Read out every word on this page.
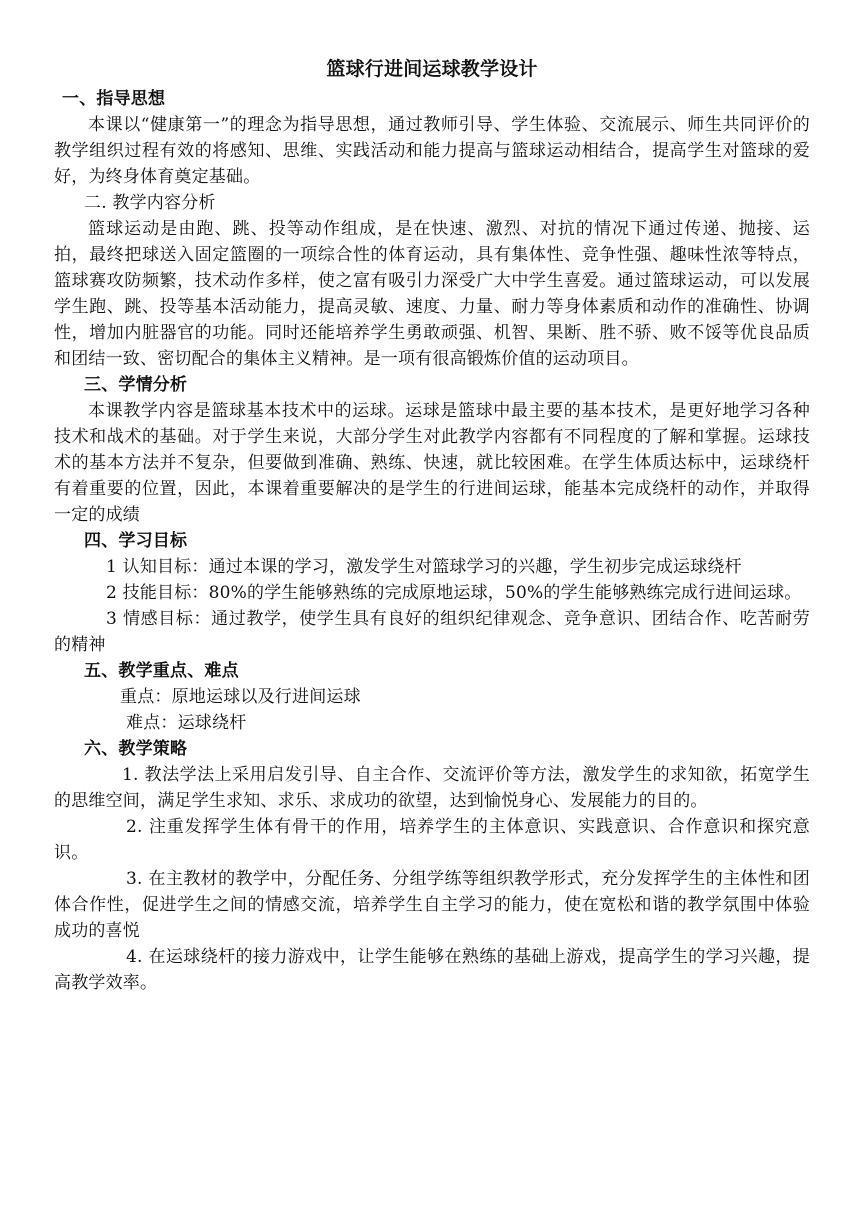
篮球行进间运球教学设计
一、指导思想

本课以“健康第一”的理念为指导思想，通过教师引导、学生体验、交流展示、师生共同评价的教学组织过程有效的将感知、思维、实践活动和能力提高与篮球运动相结合，提高学生对篮球的爱好，为终身体育奠定基础。

二. 教学内容分析

篮球运动是由跑、跳、投等动作组成，是在快速、激烈、对抗的情况下通过传递、抛接、运拍，最终把球送入固定篮圈的一项综合性的体育运动，具有集体性、竞争性强、趣味性浓等特点，篮球赛攻防频繁，技术动作多样，使之富有吸引力深受广大中学生喜爱。通过篮球运动，可以发展学生跑、跳、投等基本活动能力，提高灵敏、速度、力量、耐力等身体素质和动作的准确性、协调性，增加内脏器官的功能。同时还能培养学生勇敢顽强、机智、果断、胜不骄、败不馁等优良品质和团结一致、密切配合的集体主义精神。是一项有很高锻炼价值的运动项目。

三、学情分析

本课教学内容是篮球基本技术中的运球。运球是篮球中最主要的基本技术，是更好地学习各种技术和战术的基础。对于学生来说，大部分学生对此教学内容都有不同程度的了解和掌握。运球技术的基本方法并不复杂，但要做到准确、熟练、快速，就比较困难。在学生体质达标中，运球绕杆有着重要的位置，因此，本课着重要解决的是学生的行进间运球，能基本完成绕杆的动作，并取得一定的成绩

四、学习目标

1 认知目标：通过本课的学习，激发学生对篮球学习的兴趣，学生初步完成运球绕杆

2 技能目标：80%的学生能够熟练的完成原地运球，50%的学生能够熟练完成行进间运球。

3 情感目标：通过教学，使学生具有良好的组织纪律观念、竞争意识、团结合作、吃苦耐劳的精神

五、教学重点、难点

重点：原地运球以及行进间运球

难点：运球绕杆

六、教学策略

1. 教法学法上采用启发引导、自主合作、交流评价等方法，激发学生的求知欲，拓宽学生的思维空间，满足学生求知、求乐、求成功的欲望，达到愉悦身心、发展能力的目的。

2. 注重发挥学生体有骨干的作用，培养学生的主体意识、实践意识、合作意识和探究意识。

3. 在主教材的教学中，分配任务、分组学练等组织教学形式，充分发挥学生的主体性和团体合作性，促进学生之间的情感交流，培养学生自主学习的能力，使在宽松和谐的教学氛围中体验成功的喜悦

4. 在运球绕杆的接力游戏中，让学生能够在熟练的基础上游戏，提高学生的学习兴趣，提高教学效率。
